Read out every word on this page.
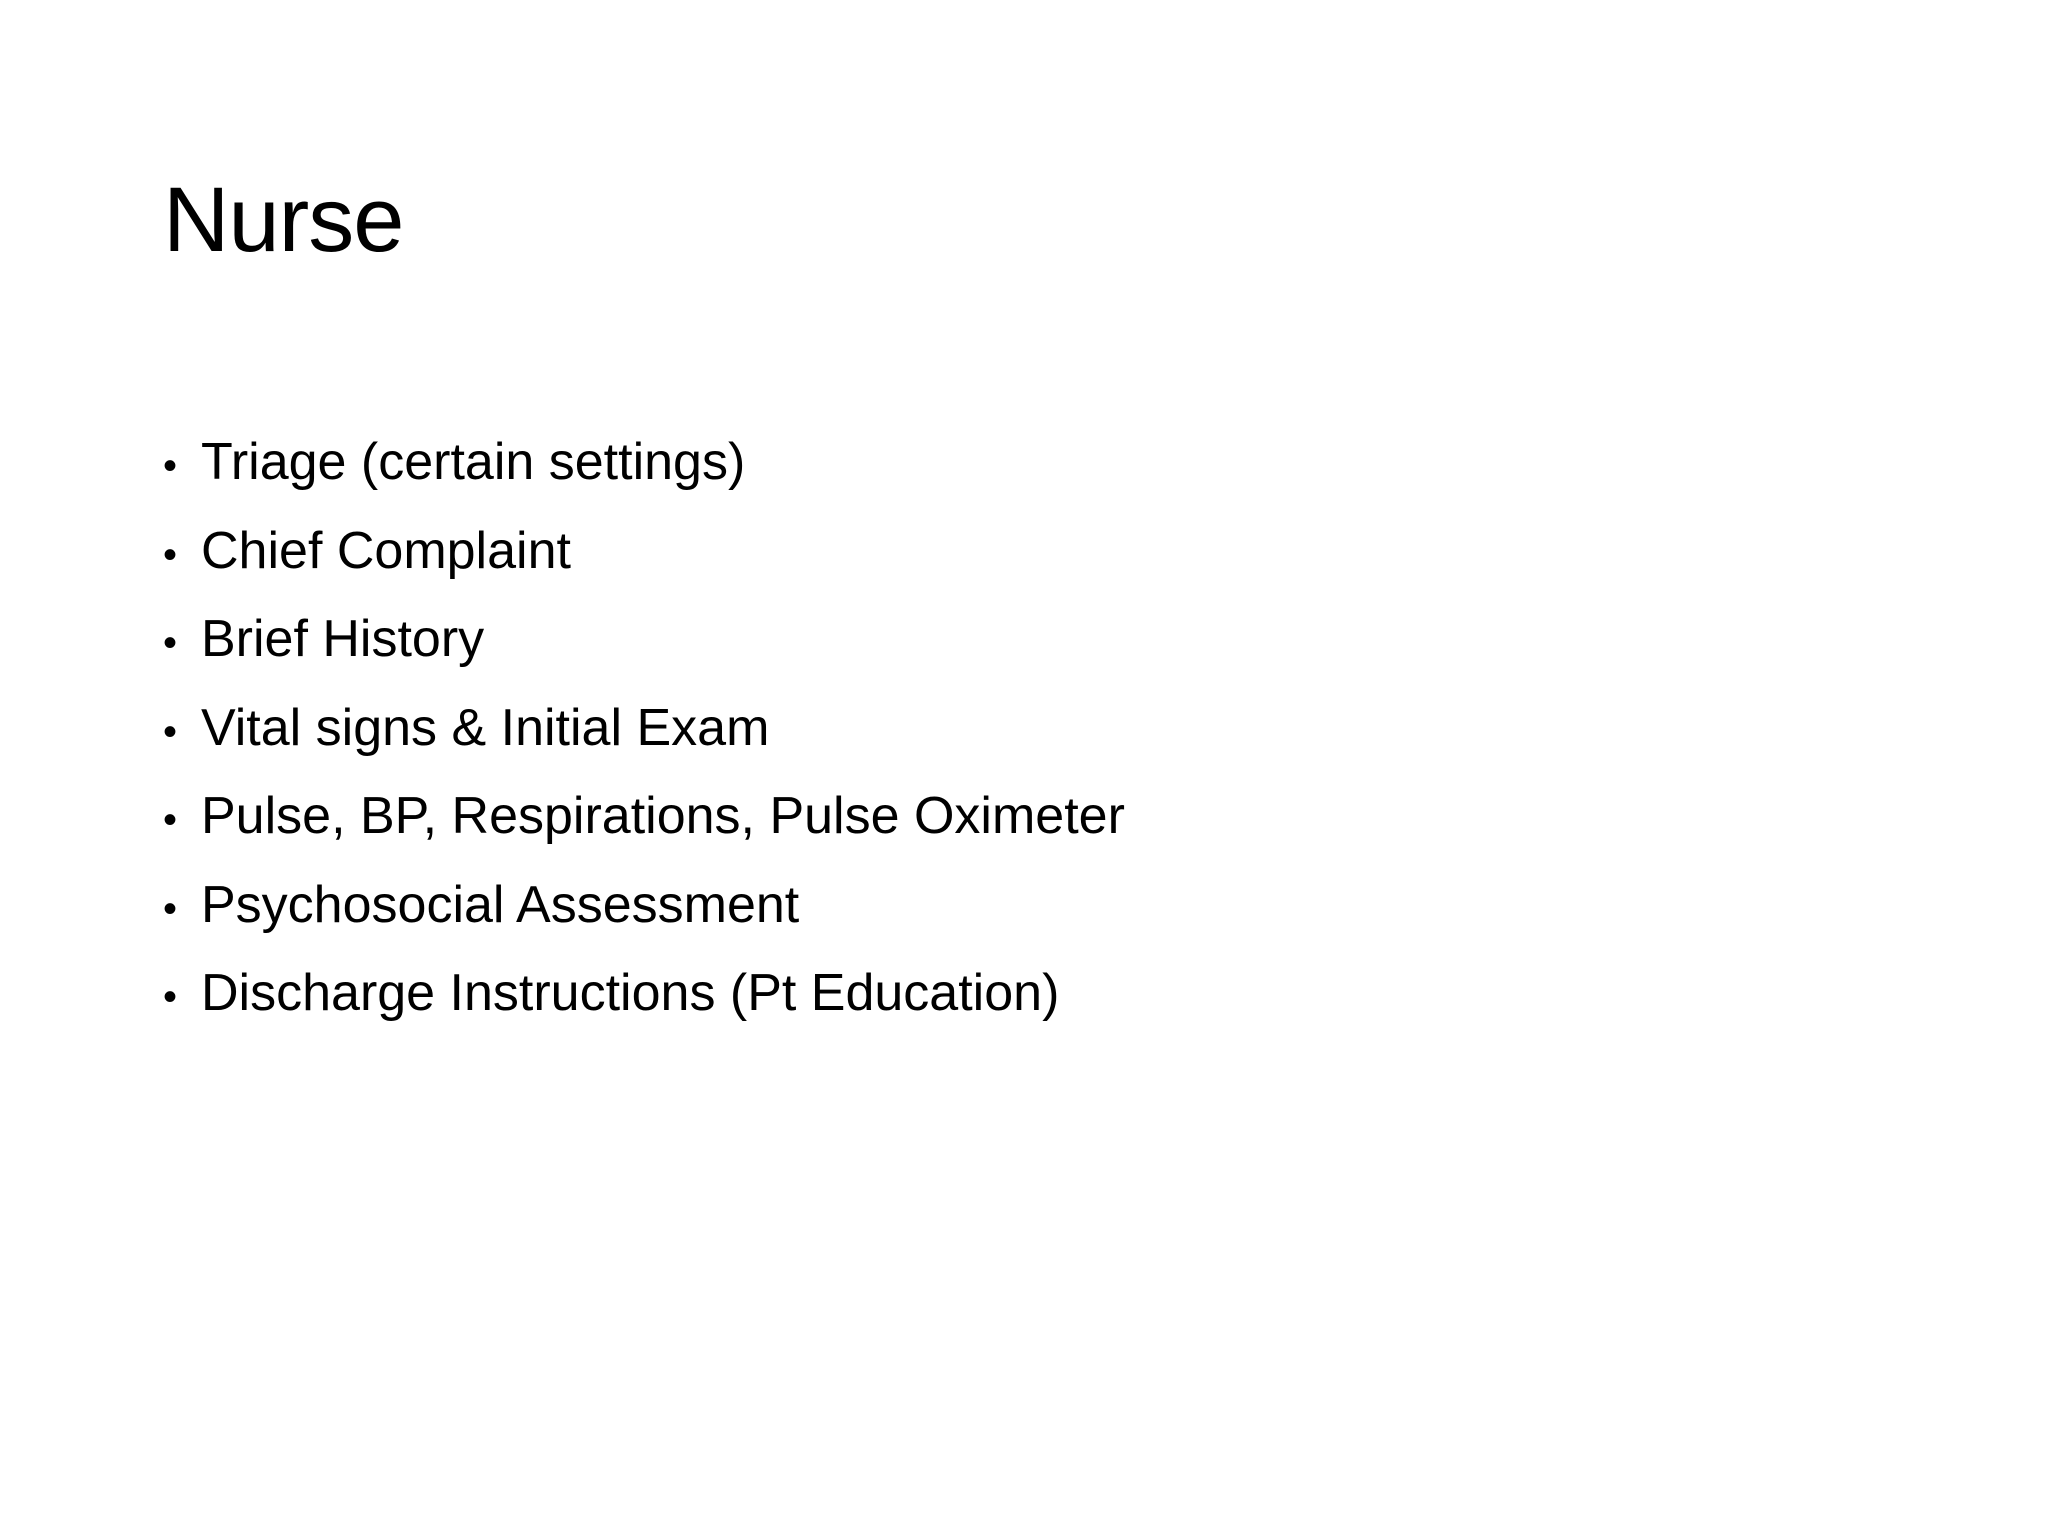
Nurse
• Triage (certain settings)
• Chief Complaint
• Brief History
• Vital signs & Initial Exam
• Pulse, BP, Respirations, Pulse Oximeter
• Psychosocial Assessment
• Discharge Instructions (Pt Education)
